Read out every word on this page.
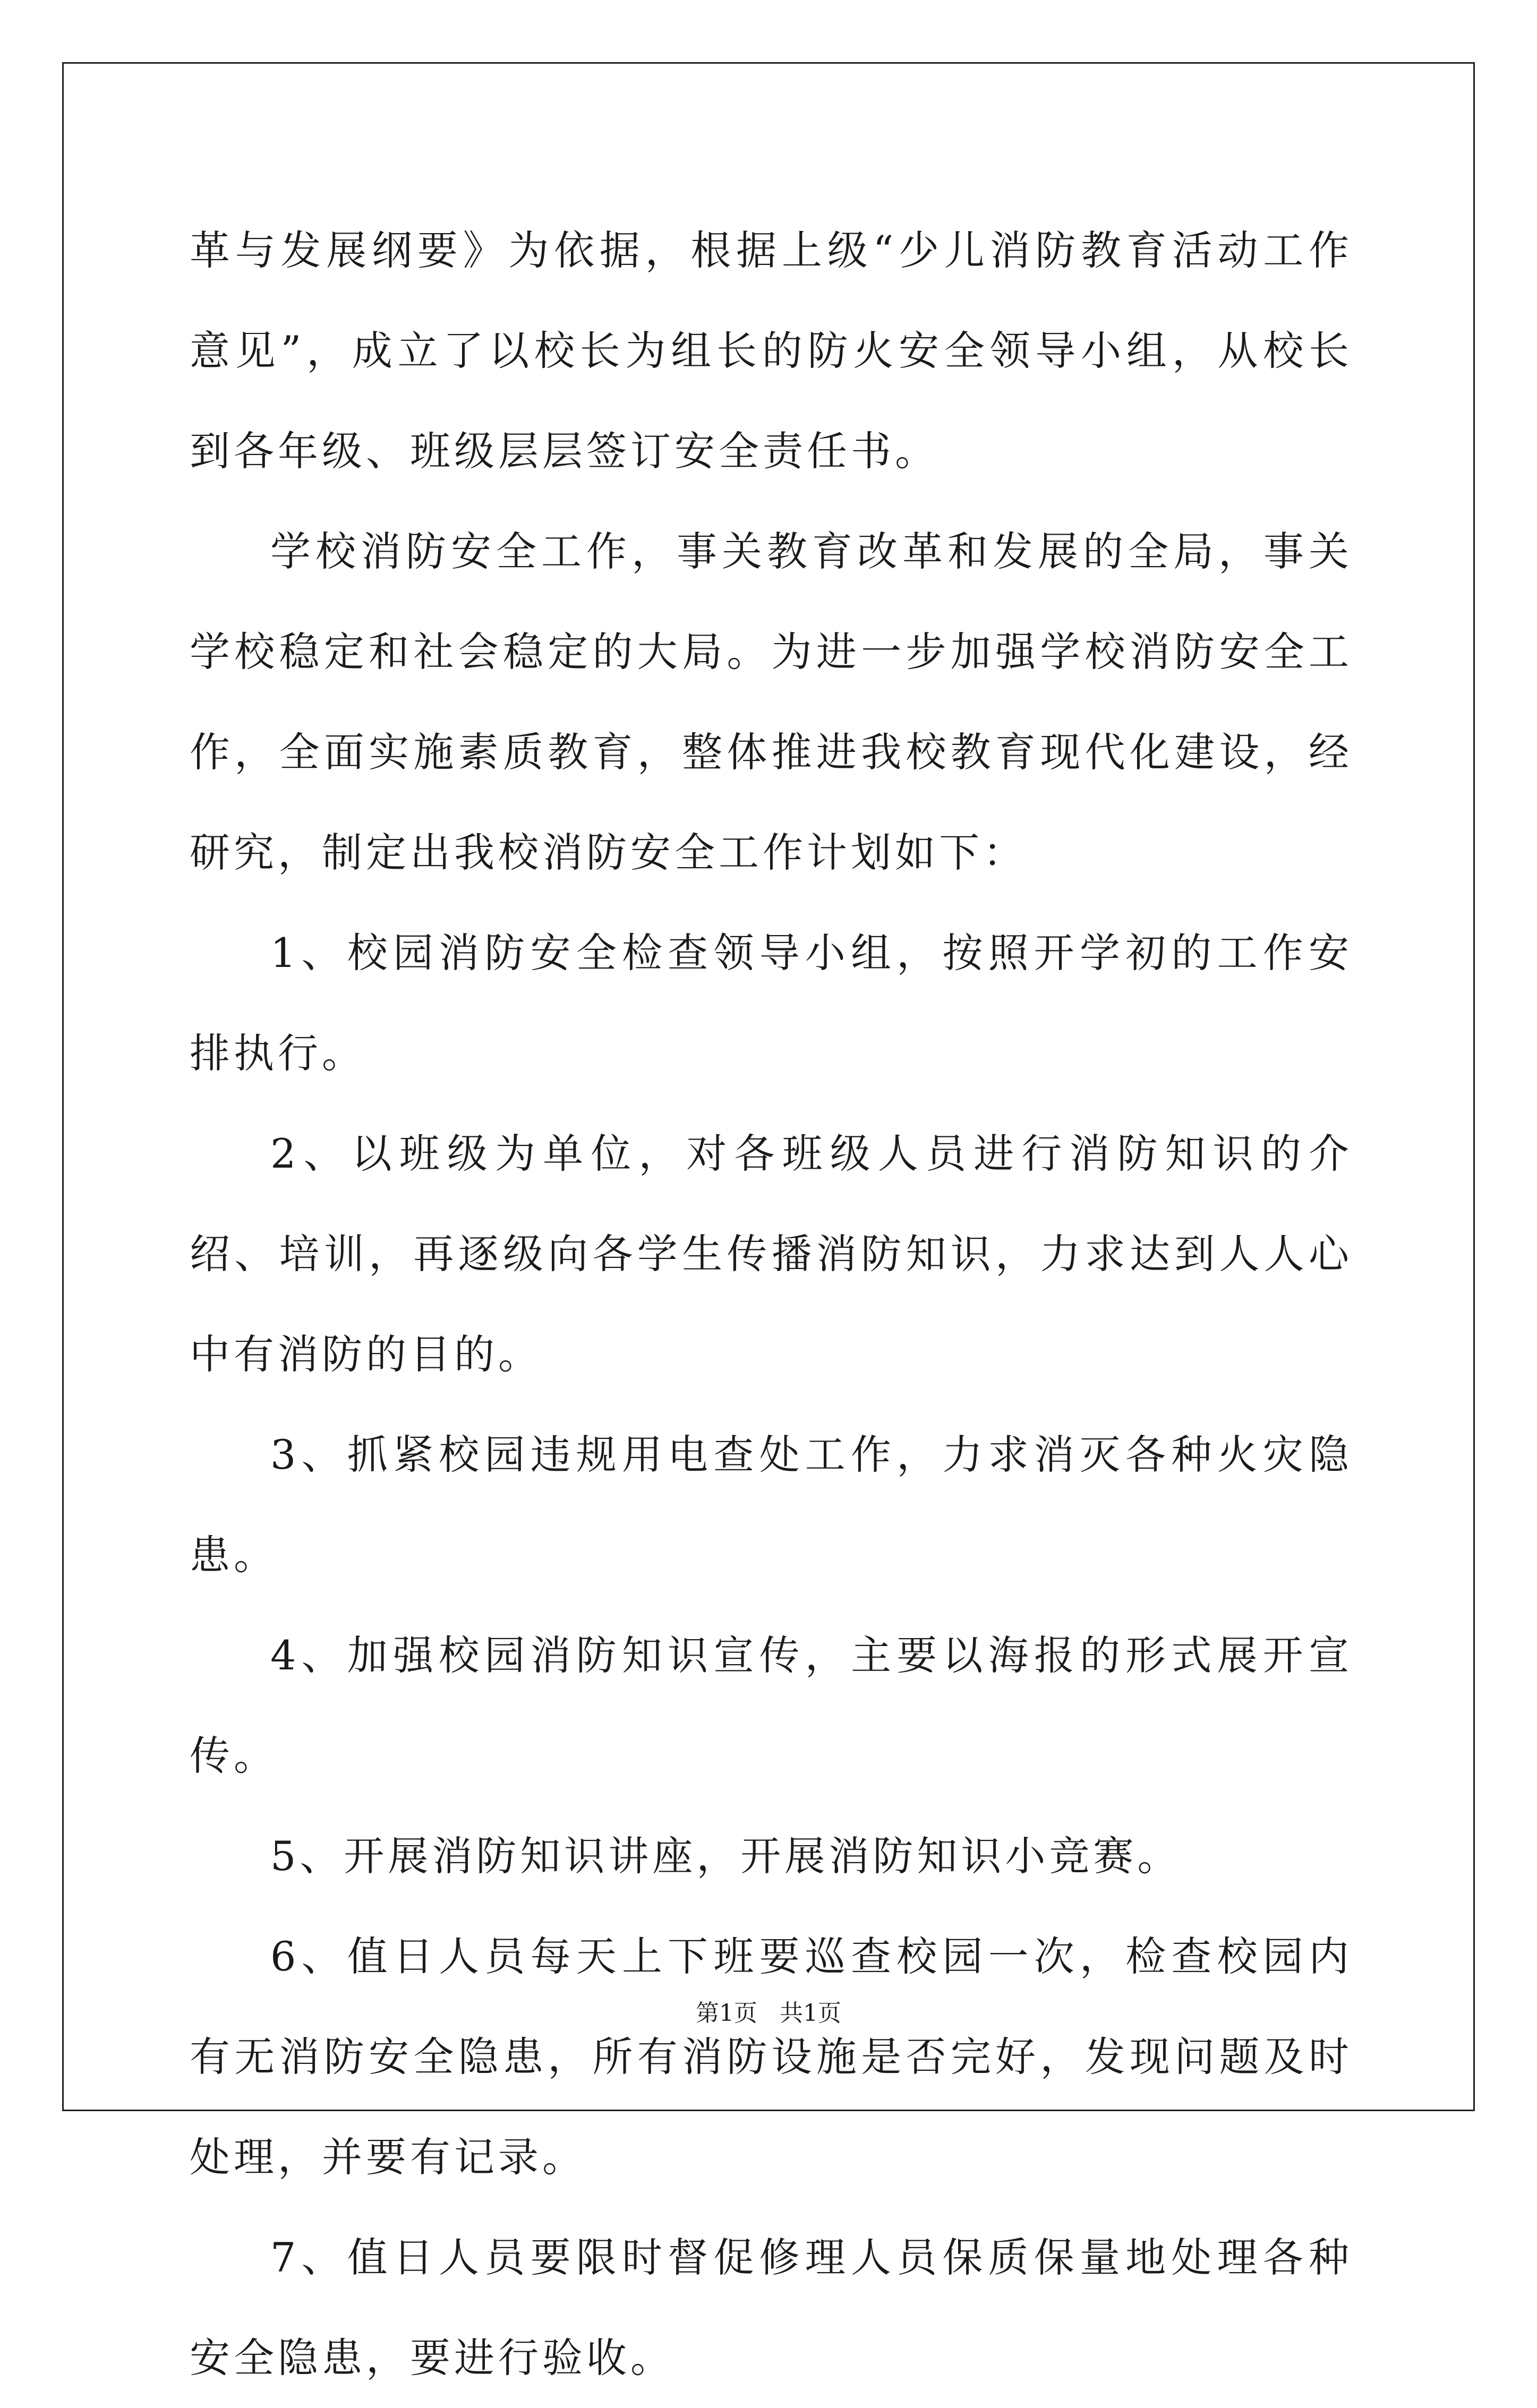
革与发展纲要》为依据，根据上级“少儿消防教育活动工作意见”，成立了以校长为组长的防火安全领导小组，从校长到各年级、班级层层签订安全责任书。

学校消防安全工作，事关教育改革和发展的全局，事关学校稳定和社会稳定的大局。为进一步加强学校消防安全工作，全面实施素质教育，整体推进我校教育现代化建设，经研究，制定出我校消防安全工作计划如下：

1、校园消防安全检查领导小组，按照开学初的工作安排执行。

2、以班级为单位，对各班级人员进行消防知识的介绍、培训，再逐级向各学生传播消防知识，力求达到人人心中有消防的目的。

3、抓紧校园违规用电查处工作，力求消灭各种火灾隐患。

4、加强校园消防知识宣传，主要以海报的形式展开宣传。

5、开展消防知识讲座，开展消防知识小竞赛。

6、值日人员每天上下班要巡查校园一次，检查校园内有无消防安全隐患，所有消防设施是否完好，发现问题及时处理，并要有记录。

7、值日人员要限时督促修理人员保质保量地处理各种安全隐患，要进行验收。

第1页 共1页
